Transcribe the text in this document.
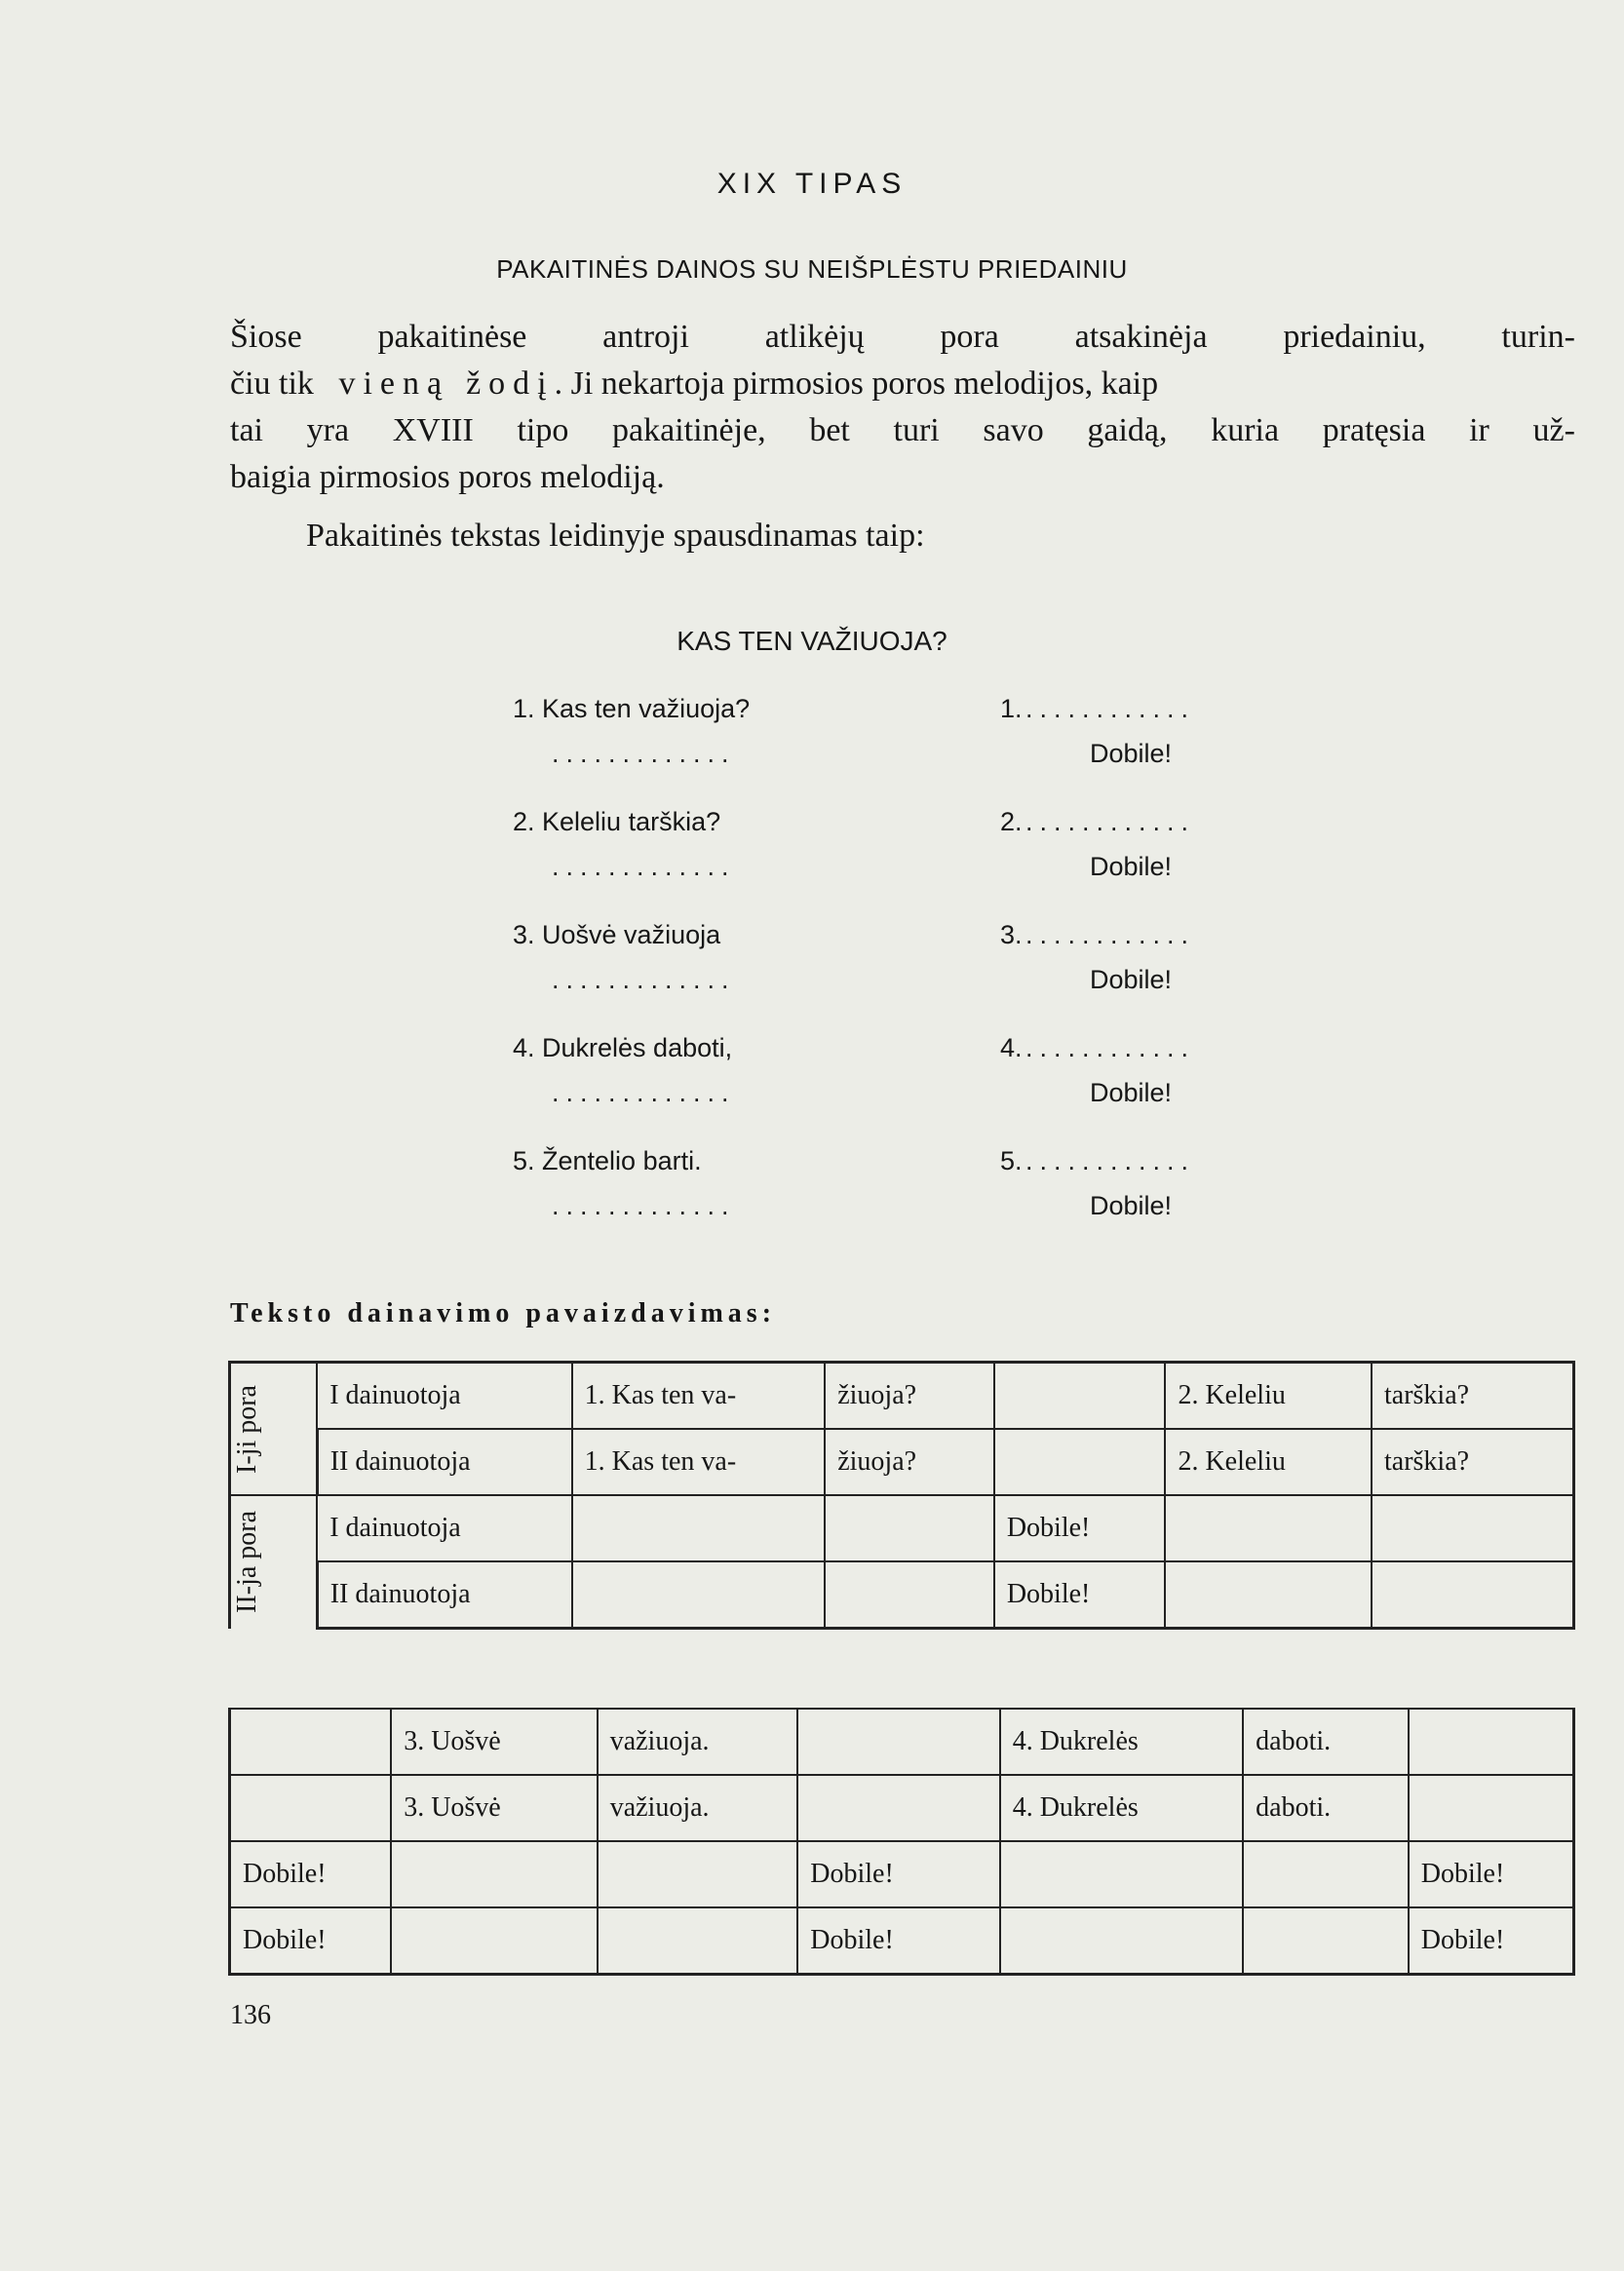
XIX TIPAS
PAKAITINĖS DAINOS SU NEIŠPLĖSTU PRIEDAINIU
Šiose pakaitinėse antroji atlikėjų pora atsakinėja priedainiu, turin-
čiu tik
vieną
žodį . Ji nekartoja pirmosios poros melodijos, kaip
tai yra XVIII tipo pakaitinėje, bet turi savo gaidą, kuria pratęsia ir už-
baigia pirmosios poros melodiją.
Pakaitinės tekstas leidinyje spausdinamas taip:
KAS TEN VAŽIUOJA?
1. Kas ten važiuoja?	1. ............
.............	Dobile!
2. Keleliu tarškia?	2. ............
.............	Dobile!
3. Uošvė važiuoja	3. ............
.............	Dobile!
4. Dukrelės daboti,	4. ............
.............	Dobile!
5. Žentelio barti.	5. ............
.............	Dobile!
Teksto dainavimo pavaizdavimas:
I-ji pora	I dainuotoja	1. Kas ten va-	žiuoja?		2. Keleliu	tarškia?
	II dainuotoja	1. Kas ten va-	žiuoja?		2. Keleliu	tarškia?

II-ja pora	I dainuotoja			Dobile!		
	II dainuotoja			Dobile!		
	3. Uošvė	važiuoja.		4. Dukrelės	daboti.	
	3. Uošvė	važiuoja.		4. Dukrelės	daboti.	
Dobile!			Dobile!			Dobile!
Dobile!			Dobile!			Dobile!
136
